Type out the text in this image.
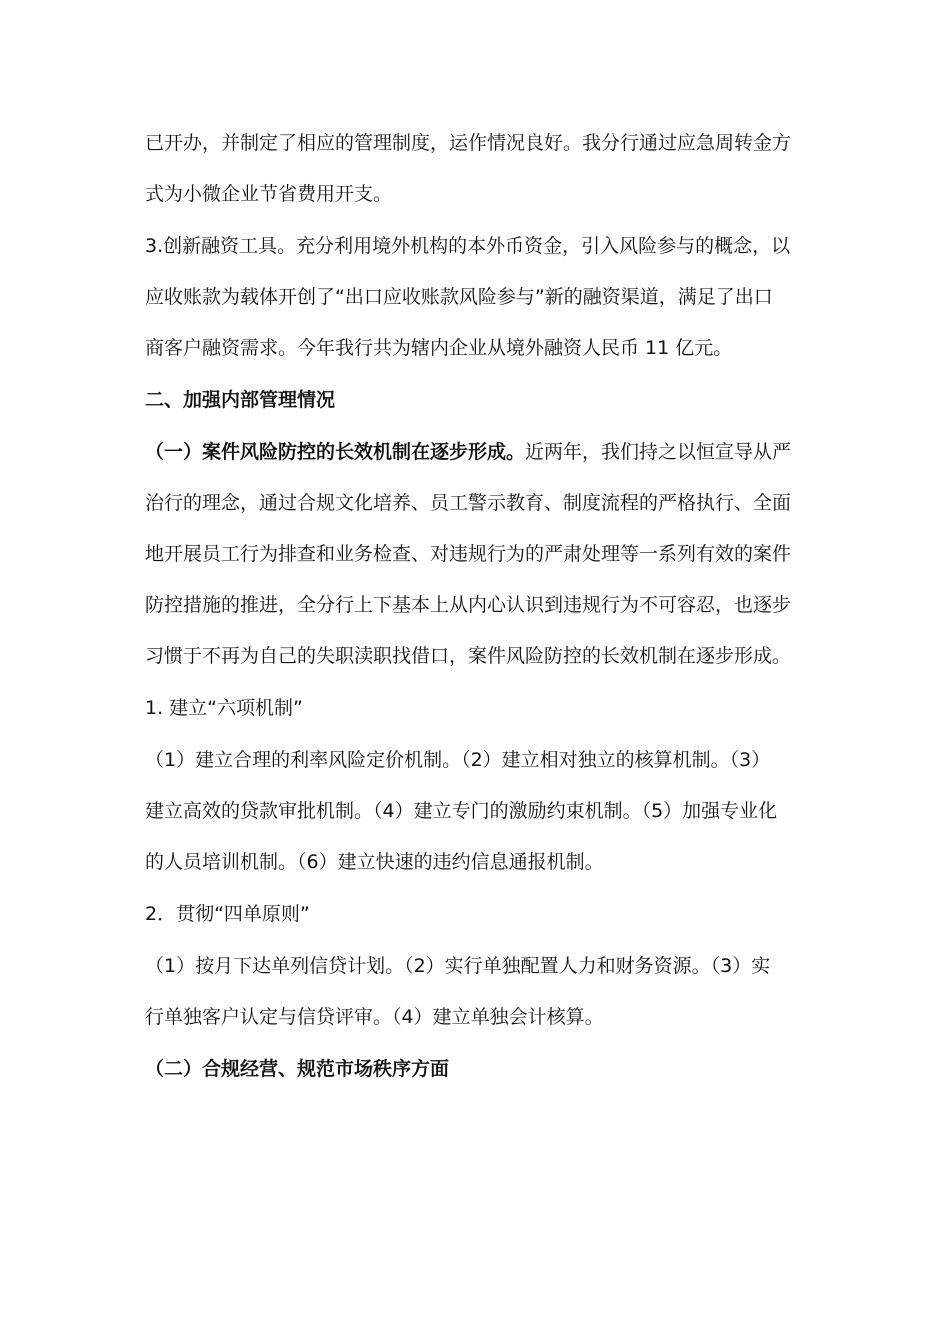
已开办，并制定了相应的管理制度，运作情况良好。我分行通过应急周转金方
式为小微企业节省费用开支。
3.创新融资工具。充分利用境外机构的本外币资金，引入风险参与的概念，以
应收账款为载体开创了“出口应收账款风险参与”新的融资渠道，满足了出口
商客户融资需求。今年我行共为辖内企业从境外融资人民币 11 亿元。
二、加强内部管理情况
（一）案件风险防控的长效机制在逐步形成。近两年，我们持之以恒宣导从严
治行的理念，通过合规文化培养、员工警示教育、制度流程的严格执行、全面
地开展员工行为排查和业务检查、对违规行为的严肃处理等一系列有效的案件
防控措施的推进，全分行上下基本上从内心认识到违规行为不可容忍，也逐步
习惯于不再为自己的失职渎职找借口，案件风险防控的长效机制在逐步形成。
1. 建立“六项机制”
（1）建立合理的利率风险定价机制。（2）建立相对独立的核算机制。（3）
建立高效的贷款审批机制。（4）建立专门的激励约束机制。（5）加强专业化
的人员培训机制。（6）建立快速的违约信息通报机制。
2．贯彻“四单原则”
（1）按月下达单列信贷计划。（2）实行单独配置人力和财务资源。（3）实
行单独客户认定与信贷评审。（4）建立单独会计核算。
（二）合规经营、规范市场秩序方面
